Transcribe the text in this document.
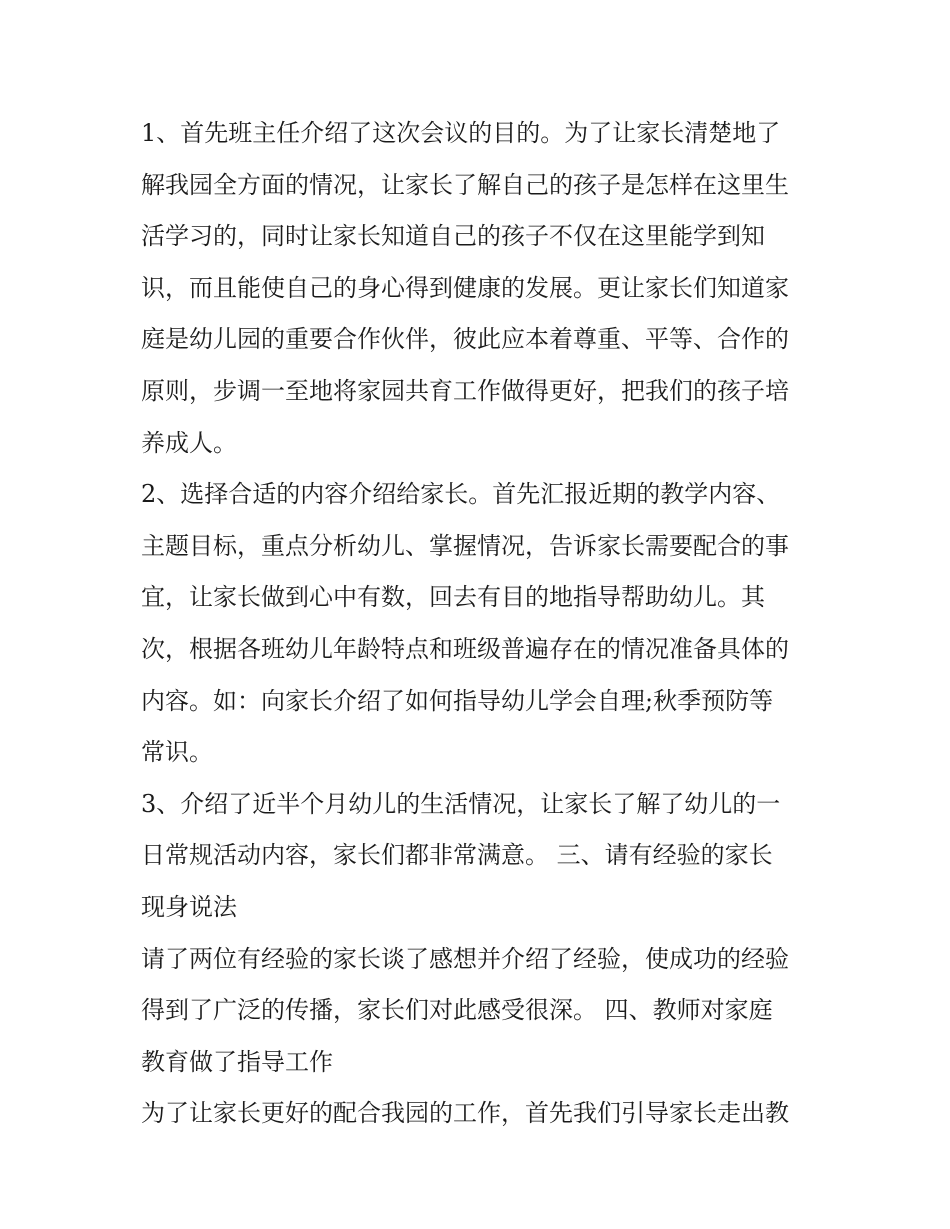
1、首先班主任介绍了这次会议的目的。为了让家长清楚地了
解我园全方面的情况，让家长了解自己的孩子是怎样在这里生
活学习的，同时让家长知道自己的孩子不仅在这里能学到知
识，而且能使自己的身心得到健康的发展。更让家长们知道家
庭是幼儿园的重要合作伙伴，彼此应本着尊重、平等、合作的
原则，步调一至地将家园共育工作做得更好，把我们的孩子培
养成人。
2、选择合适的内容介绍给家长。首先汇报近期的教学内容、
主题目标，重点分析幼儿、掌握情况，告诉家长需要配合的事
宜，让家长做到心中有数，回去有目的地指导帮助幼儿。其
次，根据各班幼儿年龄特点和班级普遍存在的情况准备具体的
内容。如：向家长介绍了如何指导幼儿学会自理;秋季预防等
常识。
3、介绍了近半个月幼儿的生活情况，让家长了解了幼儿的一
日常规活动内容，家长们都非常满意。 三、请有经验的家长
现身说法
请了两位有经验的家长谈了感想并介绍了经验，使成功的经验
得到了广泛的传播，家长们对此感受很深。 四、教师对家庭
教育做了指导工作
为了让家长更好的配合我园的工作，首先我们引导家长走出教
